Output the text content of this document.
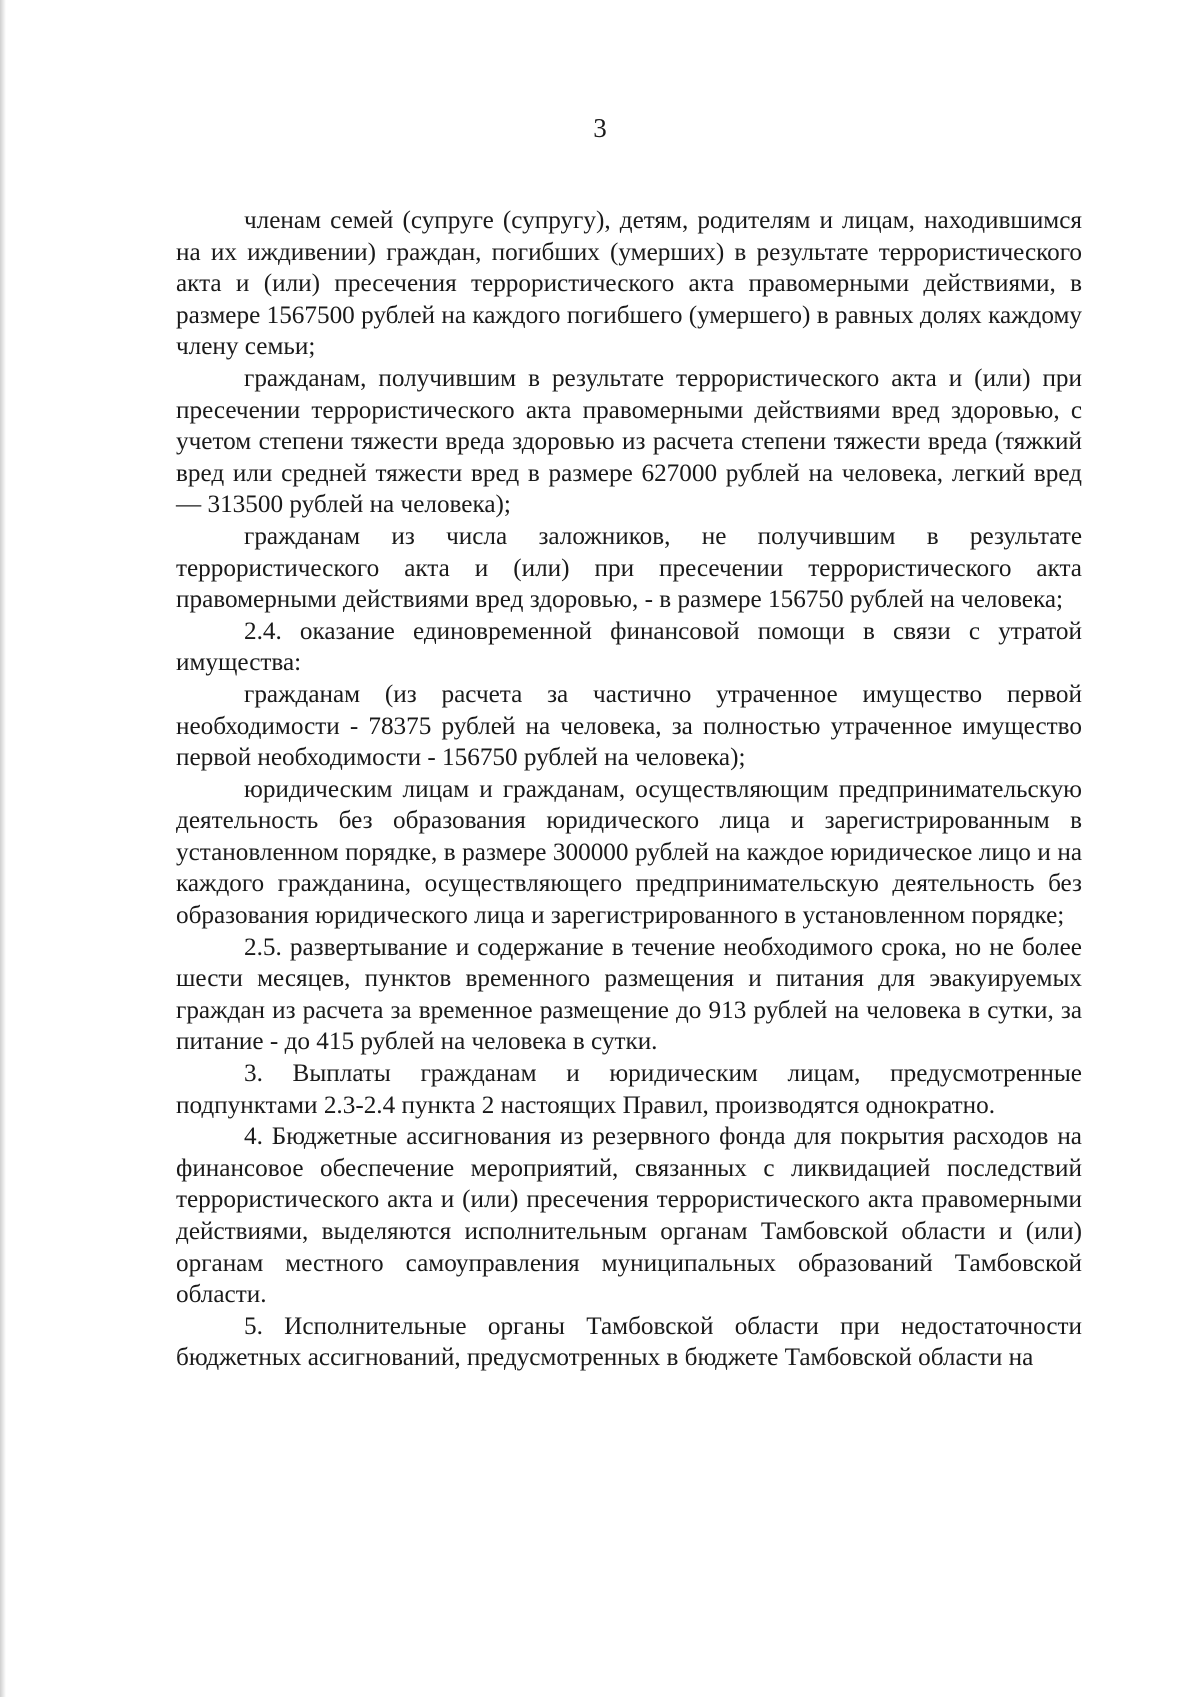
3

членам семей (супруге (супругу), детям, родителям и лицам, находившимся на их иждивении) граждан, погибших (умерших) в результате террористического акта и (или) пресечения террористического акта правомерными действиями, в размере 1567500 рублей на каждого погибшего (умершего) в равных долях каждому члену семьи;

гражданам, получившим в результате террористического акта и (или) при пресечении террористического акта правомерными действиями вред здоровью, с учетом степени тяжести вреда здоровью из расчета степени тяжести вреда (тяжкий вред или средней тяжести вред в размере 627000 рублей на человека, легкий вред — 313500 рублей на человека);

гражданам из числа заложников, не получившим в результате террористического акта и (или) при пресечении террористического акта правомерными действиями вред здоровью, - в размере 156750 рублей на человека;

2.4. оказание единовременной финансовой помощи в связи с утратой имущества:

гражданам (из расчета за частично утраченное имущество первой необходимости - 78375 рублей на человека, за полностью утраченное имущество первой необходимости - 156750 рублей на человека);

юридическим лицам и гражданам, осуществляющим предпринимательскую деятельность без образования юридического лица и зарегистрированным в установленном порядке, в размере 300000 рублей на каждое юридическое лицо и на каждого гражданина, осуществляющего предпринимательскую деятельность без образования юридического лица и зарегистрированного в установленном порядке;

2.5. развертывание и содержание в течение необходимого срока, но не более шести месяцев, пунктов временного размещения и питания для эвакуируемых граждан из расчета за временное размещение до 913 рублей на человека в сутки, за питание - до 415 рублей на человека в сутки.

3. Выплаты гражданам и юридическим лицам, предусмотренные подпунктами 2.3-2.4 пункта 2 настоящих Правил, производятся однократно.

4. Бюджетные ассигнования из резервного фонда для покрытия расходов на финансовое обеспечение мероприятий, связанных с ликвидацией последствий террористического акта и (или) пресечения террористического акта правомерными действиями, выделяются исполнительным органам Тамбовской области и (или) органам местного самоуправления муниципальных образований Тамбовской области.

5. Исполнительные органы Тамбовской области при недостаточности бюджетных ассигнований, предусмотренных в бюджете Тамбовской области на
